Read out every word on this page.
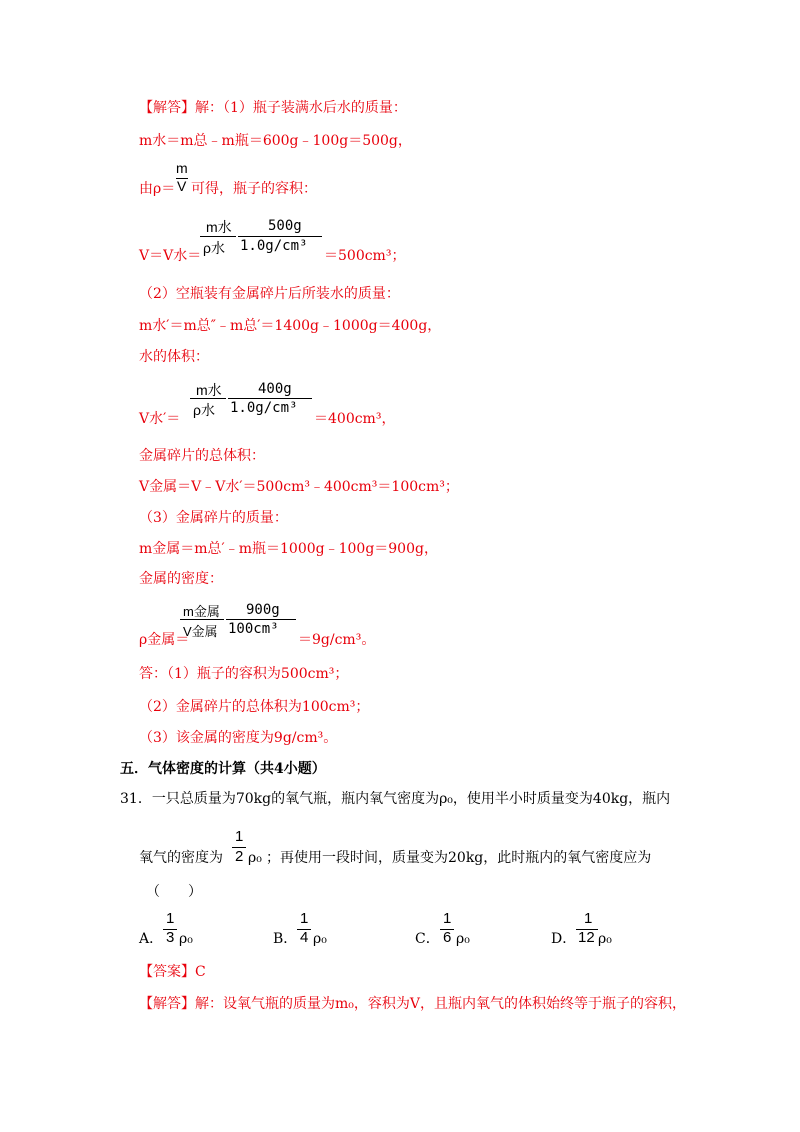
【解答】解：（1）瓶子装满水后水的质量：
m水＝m总﹣m瓶＝600g﹣100g＝500g，
由ρ＝
m
V 可得，瓶子的容积：
V＝V水＝
m水
ρ水
500g
1.0g/cm³
＝500cm³；
（2）空瓶装有金属碎片后所装水的质量：
m水′＝m总″﹣m总′＝1400g﹣1000g＝400g，
水的体积：
V水′＝
m水
ρ水
400g
1.0g/cm³
＝400cm³，
金属碎片的总体积：
V金属＝V﹣V水′＝500cm³﹣400cm³＝100cm³；
（3）金属碎片的质量：
m金属＝m总′﹣m瓶＝1000g﹣100g＝900g，
金属的密度：
ρ金属＝
m金属
V金属
900g
100cm³
＝9g/cm³。
答：（1）瓶子的容积为500cm³；
（2）金属碎片的总体积为100cm³；
（3）该金属的密度为9g/cm³。
五．气体密度的计算（共4小题）
31．一只总质量为70kg的氧气瓶，瓶内氧气密度为ρ₀，使用半小时质量变为40kg，瓶内
氧气的密度为
1
2 ρ₀ ；再使用一段时间，质量变为20kg，此时瓶内的氧气密度应为
（　　）
A．
1
3 ρ₀	B．
1
4 ρ₀	C．
1
6 ρ₀	D．
1
12 ρ₀
【答案】C
【解答】解：设氧气瓶的质量为m₀，容积为V，且瓶内氧气的体积始终等于瓶子的容积，
